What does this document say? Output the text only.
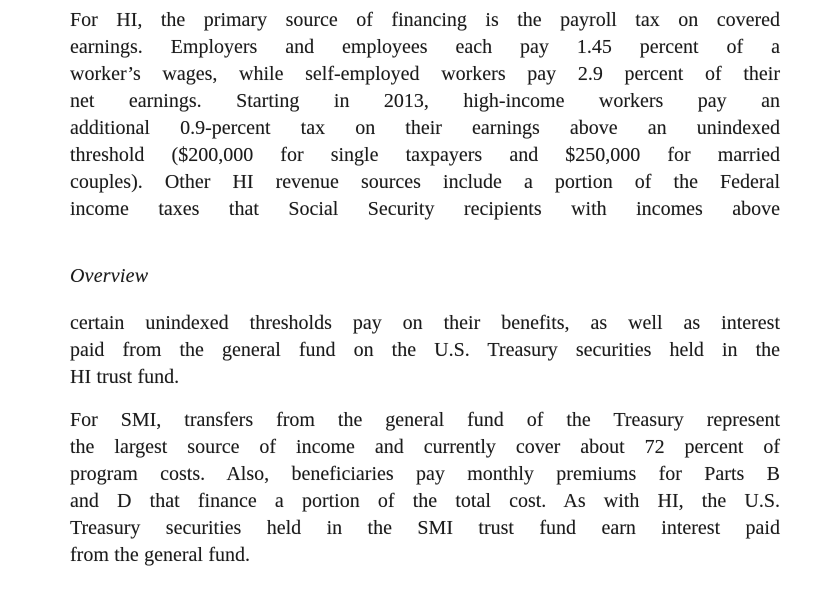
For HI, the primary source of financing is the payroll tax on covered
earnings. Employers and employees each pay 1.45 percent of a
worker’s wages, while self-employed workers pay 2.9 percent of their
net earnings. Starting in 2013, high-income workers pay an
additional 0.9-percent tax on their earnings above an unindexed
threshold ($200,000 for single taxpayers and $250,000 for married
couples). Other HI revenue sources include a portion of the Federal
income taxes that Social Security recipients with incomes above
Overview
certain unindexed thresholds pay on their benefits, as well as interest
paid from the general fund on the U.S. Treasury securities held in the
HI trust fund.
For SMI, transfers from the general fund of the Treasury represent
the largest source of income and currently cover about 72 percent of
program costs. Also, beneficiaries pay monthly premiums for Parts B
and D that finance a portion of the total cost. As with HI, the U.S.
Treasury securities held in the SMI trust fund earn interest paid
from the general fund.
